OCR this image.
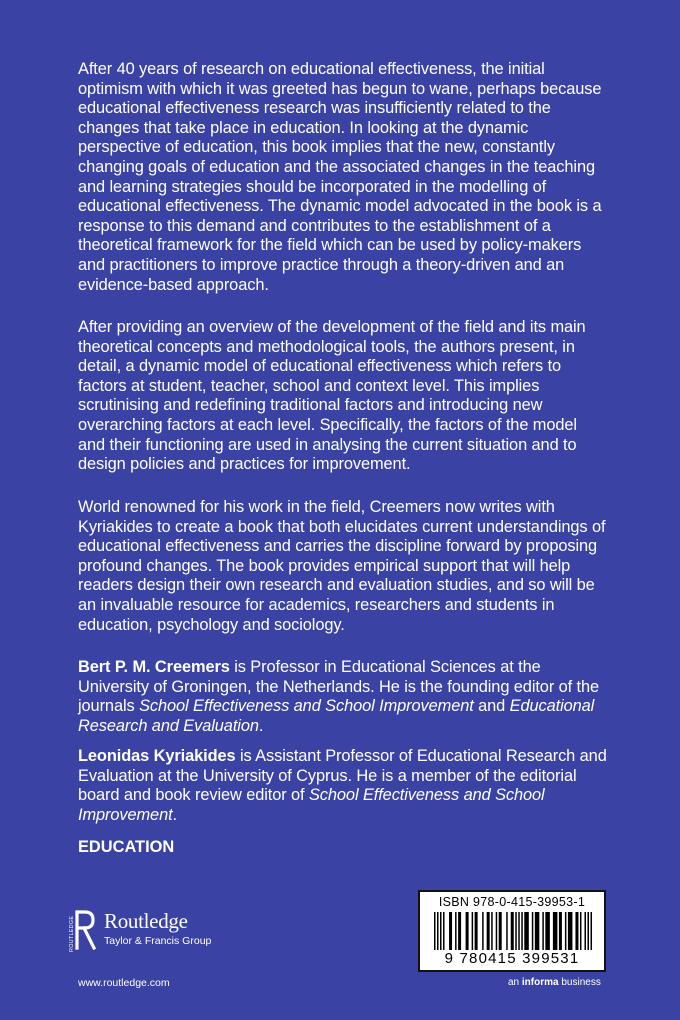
After 40 years of research on educational effectiveness, the initial optimism with which it was greeted has begun to wane, perhaps because educational effectiveness research was insufficiently related to the changes that take place in education. In looking at the dynamic perspective of education, this book implies that the new, constantly changing goals of education and the associated changes in the teaching and learning strategies should be incorporated in the modelling of educational effectiveness. The dynamic model advocated in the book is a response to this demand and contributes to the establishment of a theoretical framework for the field which can be used by policy-makers and practitioners to improve practice through a theory-driven and an evidence-based approach.

After providing an overview of the development of the field and its main theoretical concepts and methodological tools, the authors present, in detail, a dynamic model of educational effectiveness which refers to factors at student, teacher, school and context level. This implies scrutinising and redefining traditional factors and introducing new overarching factors at each level. Specifically, the factors of the model and their functioning are used in analysing the current situation and to design policies and practices for improvement.

World renowned for his work in the field, Creemers now writes with Kyriakides to create a book that both elucidates current understandings of educational effectiveness and carries the discipline forward by proposing profound changes. The book provides empirical support that will help readers design their own research and evaluation studies, and so will be an invaluable resource for academics, researchers and students in education, psychology and sociology.

Bert P. M. Creemers is Professor in Educational Sciences at the University of Groningen, the Netherlands. He is the founding editor of the journals School Effectiveness and School Improvement and Educational Research and Evaluation.

Leonidas Kyriakides is Assistant Professor of Educational Research and Evaluation at the University of Cyprus. He is a member of the editorial board and book review editor of School Effectiveness and School Improvement.

EDUCATION
ROUTLEDGE Routledge
Taylor & Francis Group
www.routledge.com
ISBN 978-0-415-39953-1
9 780415 399531
an informa business
